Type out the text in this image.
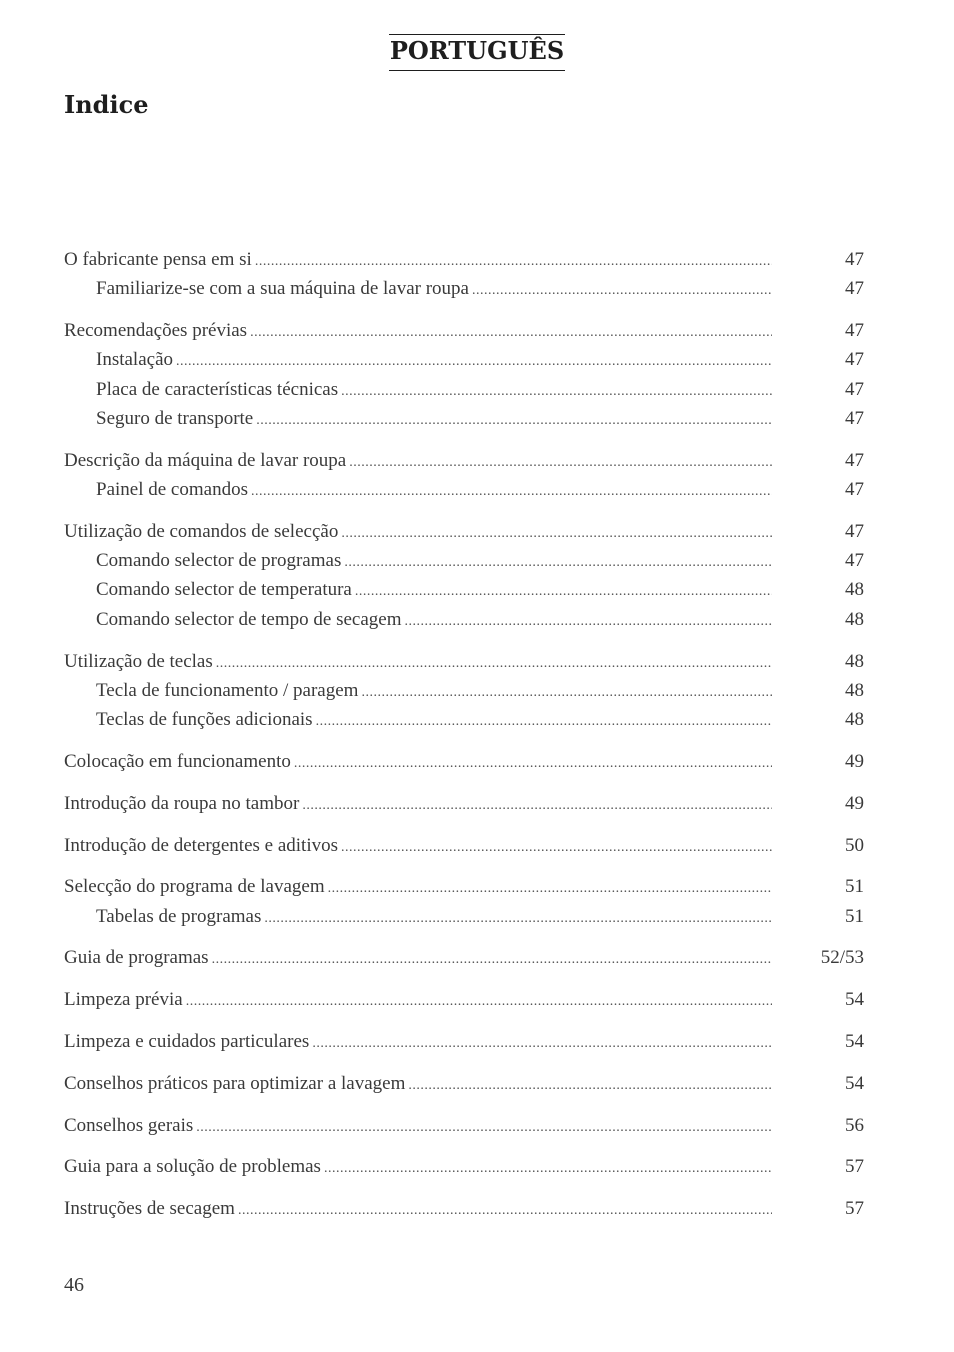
PORTUGUÊS
Indice
O fabricante pensa em si .....	47
Familiarize-se com a sua máquina de lavar roupa .....	47
Recomendações prévias .....	47
Instalação .....	47
Placa de características técnicas .....	47
Seguro de transporte .....	47
Descrição da máquina de lavar roupa .....	47
Painel de comandos .....	47
Utilização de comandos de selecção .....	47
Comando selector de programas .....	47
Comando selector de temperatura .....	48
Comando selector de tempo de secagem .....	48
Utilização de teclas .....	48
Tecla de funcionamento / paragem .....	48
Teclas de funções adicionais .....	48
Colocação em funcionamento .....	49
Introdução da roupa no tambor .....	49
Introdução de detergentes e aditivos .....	50
Selecção do programa de lavagem .....	51
Tabelas de programas .....	51
Guia de programas .....	52/53
Limpeza prévia .....	54
Limpeza e cuidados particulares .....	54
Conselhos práticos para optimizar a lavagem .....	54
Conselhos gerais .....	56
Guia para a solução de problemas .....	57
Instruções de secagem .....	57
46
